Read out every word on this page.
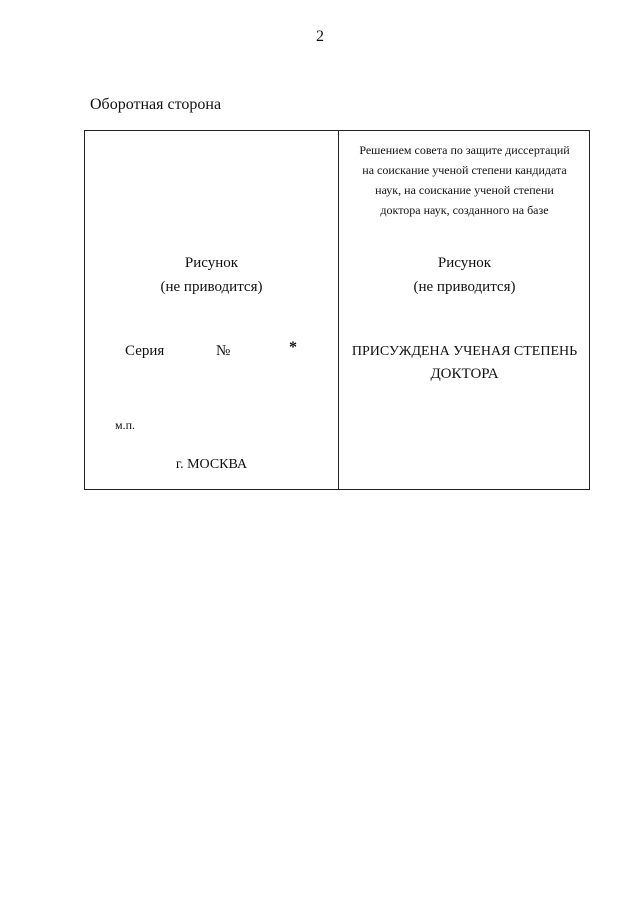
2
Оборотная сторона
Рисунок
(не приводится)
Серия	№	*
м.п.
г. МОСКВА
Решением совета по защите диссертаций
на соискание ученой степени кандидата
наук, на соискание ученой степени
доктора наук, созданного на базе
Рисунок
(не приводится)
ПРИСУЖДЕНА УЧЕНАЯ СТЕПЕНЬ
ДОКТОРА
